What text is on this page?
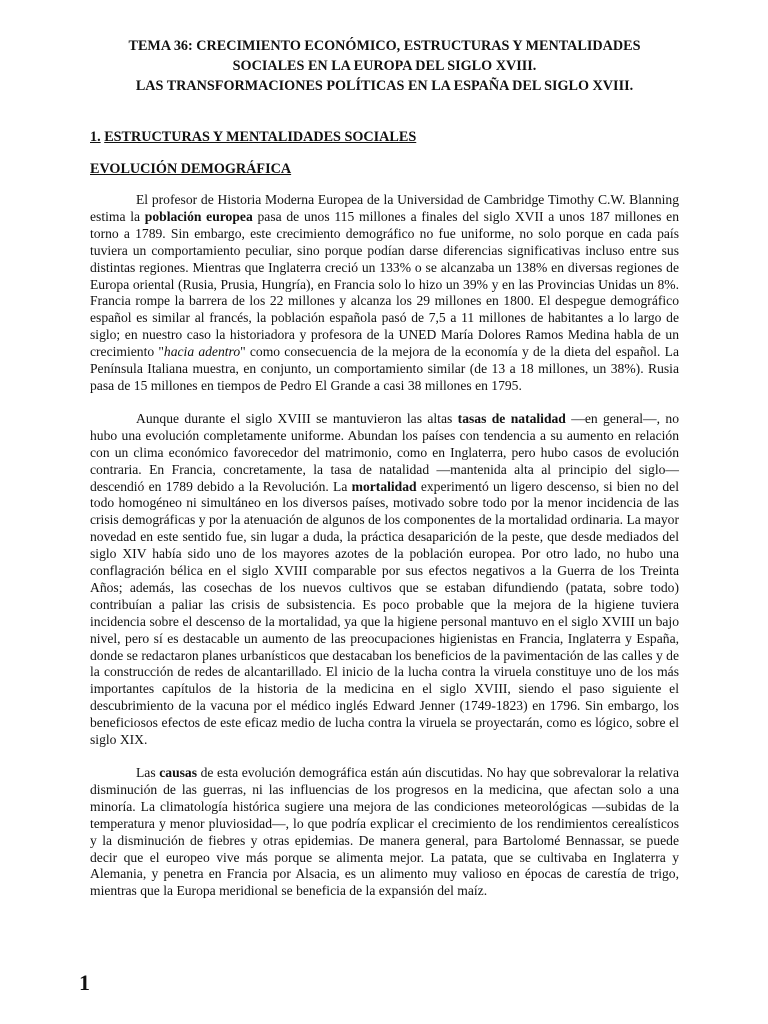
TEMA 36: CRECIMIENTO ECONÓMICO, ESTRUCTURAS Y MENTALIDADES
SOCIALES EN LA EUROPA DEL SIGLO XVIII.
LAS TRANSFORMACIONES POLÍTICAS EN LA ESPAÑA DEL SIGLO XVIII.
1. ESTRUCTURAS Y MENTALIDADES SOCIALES
EVOLUCIÓN DEMOGRÁFICA

El profesor de Historia Moderna Europea de la Universidad de Cambridge Timothy C.W. Blanning estima la población europea pasa de unos 115 millones a finales del siglo XVII a unos 187 millones en torno a 1789. Sin embargo, este crecimiento demográfico no fue uniforme, no solo porque en cada país tuviera un comportamiento peculiar, sino porque podían darse diferencias significativas incluso entre sus distintas regiones. Mientras que Inglaterra creció un 133% o se alcanzaba un 138% en diversas regiones de Europa oriental (Rusia, Prusia, Hungría), en Francia solo lo hizo un 39% y en las Provincias Unidas un 8%. Francia rompe la barrera de los 22 millones y alcanza los 29 millones en 1800. El despegue demográfico español es similar al francés, la población española pasó de 7,5 a 11 millones de habitantes a lo largo de siglo; en nuestro caso la historiadora y profesora de la UNED María Dolores Ramos Medina habla de un crecimiento "hacia adentro" como consecuencia de la mejora de la economía y de la dieta del español. La Península Italiana muestra, en conjunto, un comportamiento similar (de 13 a 18 millones, un 38%). Rusia pasa de 15 millones en tiempos de Pedro El Grande a casi 38 millones en 1795.

Aunque durante el siglo XVIII se mantuvieron las altas tasas de natalidad —en general—, no hubo una evolución completamente uniforme. Abundan los países con tendencia a su aumento en relación con un clima económico favorecedor del matrimonio, como en Inglaterra, pero hubo casos de evolución contraria. En Francia, concretamente, la tasa de natalidad —mantenida alta al principio del siglo— descendió en 1789 debido a la Revolución. La mortalidad experimentó un ligero descenso, si bien no del todo homogéneo ni simultáneo en los diversos países, motivado sobre todo por la menor incidencia de las crisis demográficas y por la atenuación de algunos de los componentes de la mortalidad ordinaria. La mayor novedad en este sentido fue, sin lugar a duda, la práctica desaparición de la peste, que desde mediados del siglo XIV había sido uno de los mayores azotes de la población europea. Por otro lado, no hubo una conflagración bélica en el siglo XVIII comparable por sus efectos negativos a la Guerra de los Treinta Años; además, las cosechas de los nuevos cultivos que se estaban difundiendo (patata, sobre todo) contribuían a paliar las crisis de subsistencia. Es poco probable que la mejora de la higiene tuviera incidencia sobre el descenso de la mortalidad, ya que la higiene personal mantuvo en el siglo XVIII un bajo nivel, pero sí es destacable un aumento de las preocupaciones higienistas en Francia, Inglaterra y España, donde se redactaron planes urbanísticos que destacaban los beneficios de la pavimentación de las calles y de la construcción de redes de alcantarillado. El inicio de la lucha contra la viruela constituye uno de los más importantes capítulos de la historia de la medicina en el siglo XVIII, siendo el paso siguiente el descubrimiento de la vacuna por el médico inglés Edward Jenner (1749-1823) en 1796. Sin embargo, los beneficiosos efectos de este eficaz medio de lucha contra la viruela se proyectarán, como es lógico, sobre el siglo XIX.

Las causas de esta evolución demográfica están aún discutidas. No hay que sobrevalorar la relativa disminución de las guerras, ni las influencias de los progresos en la medicina, que afectan solo a una minoría. La climatología histórica sugiere una mejora de las condiciones meteorológicas —subidas de la temperatura y menor pluviosidad—, lo que podría explicar el crecimiento de los rendimientos cerealísticos y la disminución de fiebres y otras epidemias. De manera general, para Bartolomé Bennassar, se puede decir que el europeo vive más porque se alimenta mejor. La patata, que se cultivaba en Inglaterra y Alemania, y penetra en Francia por Alsacia, es un alimento muy valioso en épocas de carestía de trigo, mientras que la Europa meridional se beneficia de la expansión del maíz.

1
